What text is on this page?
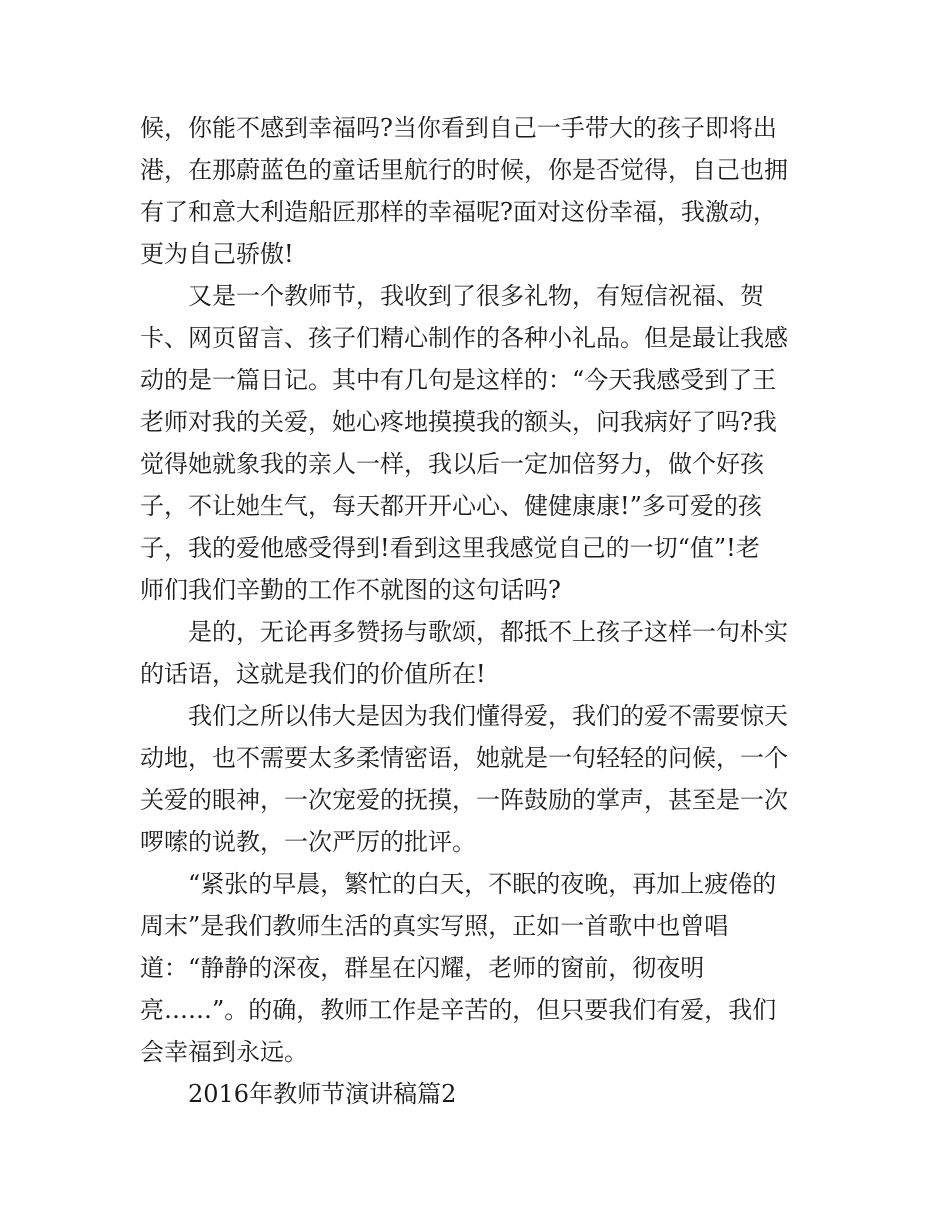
候，你能不感到幸福吗?当你看到自己一手带大的孩子即将出
港，在那蔚蓝色的童话里航行的时候，你是否觉得，自己也拥
有了和意大利造船匠那样的幸福呢?面对这份幸福，我激动，
更为自己骄傲!
又是一个教师节，我收到了很多礼物，有短信祝福、贺
卡、网页留言、孩子们精心制作的各种小礼品。但是最让我感
动的是一篇日记。其中有几句是这样的：“今天我感受到了王
老师对我的关爱，她心疼地摸摸我的额头，问我病好了吗?我
觉得她就象我的亲人一样，我以后一定加倍努力，做个好孩
子，不让她生气，每天都开开心心、健健康康!”多可爱的孩
子，我的爱他感受得到!看到这里我感觉自己的一切“值”!老
师们我们辛勤的工作不就图的这句话吗?
是的，无论再多赞扬与歌颂，都抵不上孩子这样一句朴实
的话语，这就是我们的价值所在!
我们之所以伟大是因为我们懂得爱，我们的爱不需要惊天
动地，也不需要太多柔情密语，她就是一句轻轻的问候，一个
关爱的眼神，一次宠爱的抚摸，一阵鼓励的掌声，甚至是一次
啰嗦的说教，一次严厉的批评。
“紧张的早晨，繁忙的白天，不眠的夜晚，再加上疲倦的
周末”是我们教师生活的真实写照，正如一首歌中也曾唱
道：“静静的深夜，群星在闪耀，老师的窗前，彻夜明
亮……”。的确，教师工作是辛苦的，但只要我们有爱，我们
会幸福到永远。
2016年教师节演讲稿篇2
